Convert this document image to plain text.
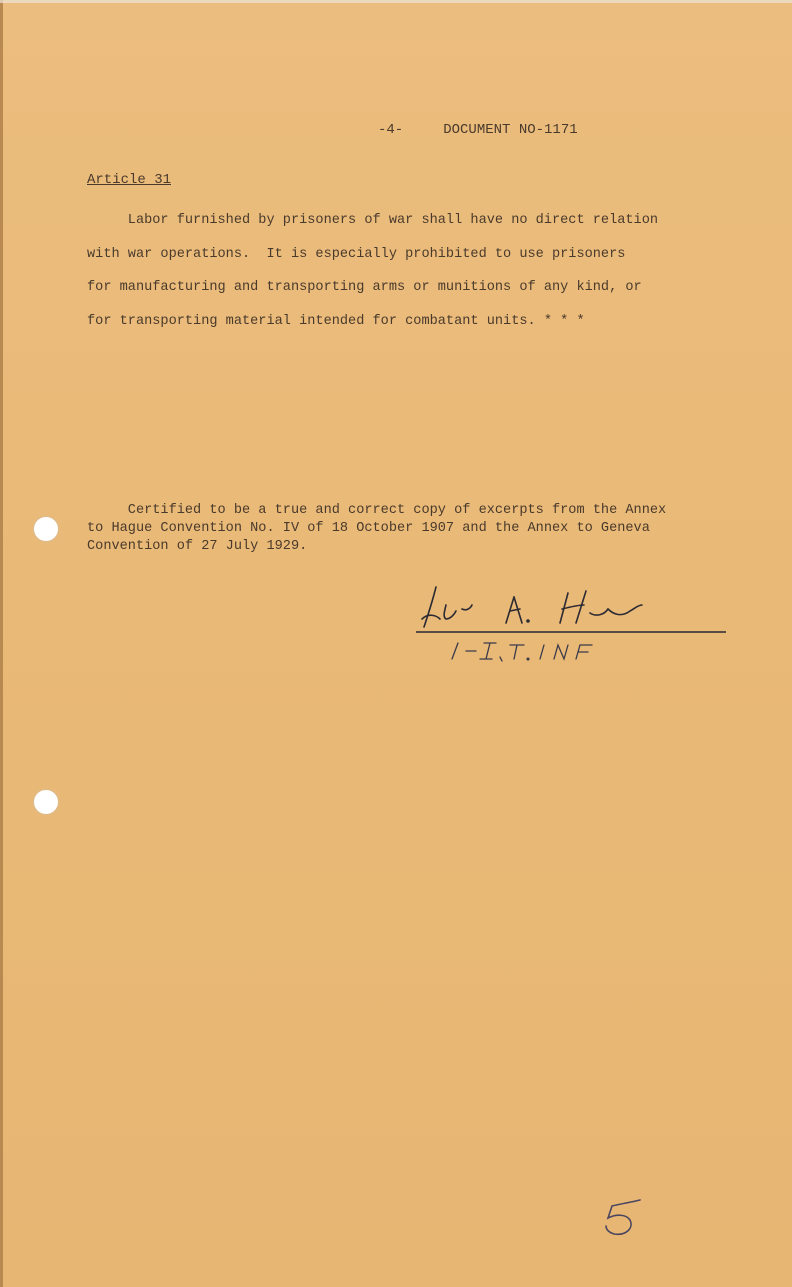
-4-	DOCUMENT NO-1171
Article 31
Labor furnished by prisoners of war shall have no direct relation
with war operations.  It is especially prohibited to use prisoners
for manufacturing and transporting arms or munitions of any kind, or
for transporting material intended for combatant units. * * *
Certified to be a true and correct copy of excerpts from the Annex
to Hague Convention No. IV of 18 October 1907 and the Annex to Geneva
Convention of 27 July 1929.
